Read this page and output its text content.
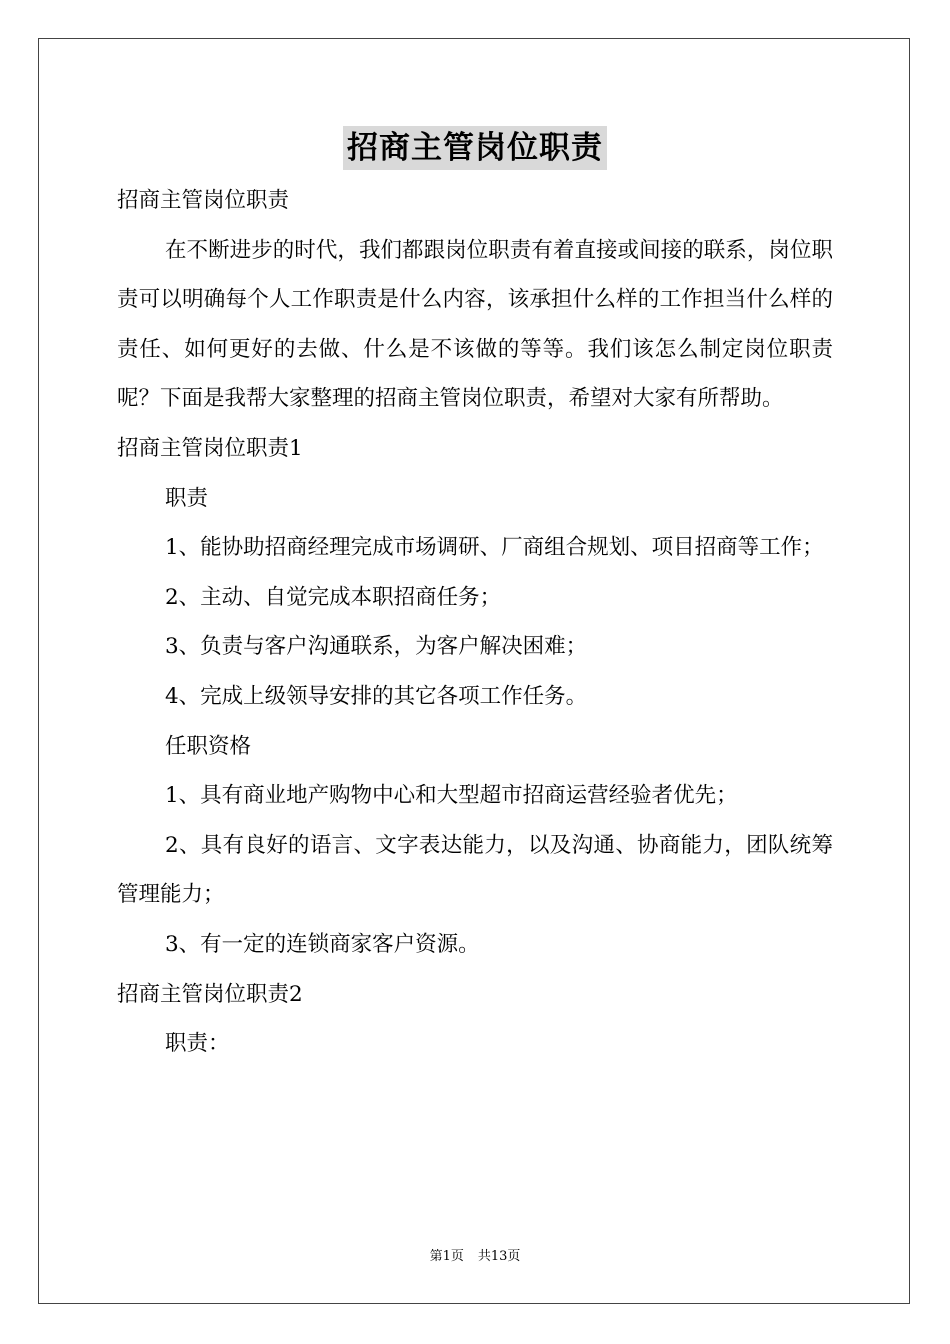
招商主管岗位职责

招商主管岗位职责

在不断进步的时代，我们都跟岗位职责有着直接或间接的联系，岗位职责可以明确每个人工作职责是什么内容，该承担什么样的工作担当什么样的责任、如何更好的去做、什么是不该做的等等。我们该怎么制定岗位职责呢？下面是我帮大家整理的招商主管岗位职责，希望对大家有所帮助。

招商主管岗位职责1

职责

1、能协助招商经理完成市场调研、厂商组合规划、项目招商等工作；

2、主动、自觉完成本职招商任务；

3、负责与客户沟通联系，为客户解决困难；

4、完成上级领导安排的其它各项工作任务。

任职资格

1、具有商业地产购物中心和大型超市招商运营经验者优先；

2、具有良好的语言、文字表达能力，以及沟通、协商能力，团队统筹管理能力；

3、有一定的连锁商家客户资源。

招商主管岗位职责2

职责：

第1页 共13页
